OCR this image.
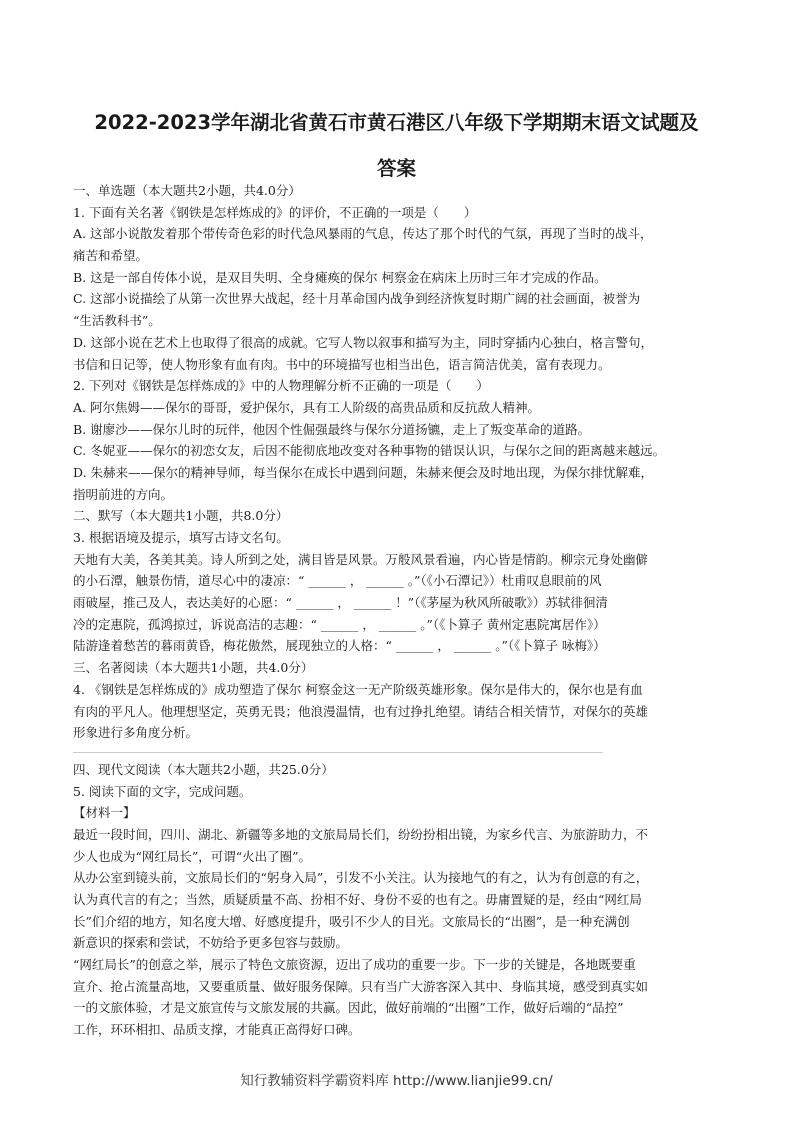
2022-2023学年湖北省黄石市黄石港区八年级下学期期末语文试题及
答案
一、单选题（本大题共2小题，共4.0分）
1. 下面有关名著《钢铁是怎样炼成的》的评价，不正确的一项是（　　）
A. 这部小说散发着那个带传奇色彩的时代急风暴雨的气息，传达了那个时代的气氛，再现了当时的战斗，
痛苦和希望。
B. 这是一部自传体小说，是双目失明、全身瘫痪的保尔 柯察金在病床上历时三年才完成的作品。
C. 这部小说描绘了从第一次世界大战起，经十月革命国内战争到经济恢复时期广阔的社会画面，被誉为
“生活教科书”。
D. 这部小说在艺术上也取得了很高的成就。它写人物以叙事和描写为主，同时穿插内心独白，格言警句，
书信和日记等，使人物形象有血有肉。书中的环境描写也相当出色，语言简洁优美，富有表现力。
2. 下列对《钢铁是怎样炼成的》中的人物理解分析不正确的一项是（　　）
A. 阿尔焦姆——保尔的哥哥，爱护保尔，具有工人阶级的高贵品质和反抗敌人精神。
B. 谢廖沙——保尔儿时的玩伴，他因个性倔强最终与保尔分道扬镳，走上了叛变革命的道路。
C. 冬妮亚——保尔的初恋女友，后因不能彻底地改变对各种事物的错误认识，与保尔之间的距离越来越远。
D. 朱赫来——保尔的精神导师，每当保尔在成长中遇到问题，朱赫来便会及时地出现，为保尔排忧解难，
指明前进的方向。
二、默写（本大题共1小题，共8.0分）
3. 根据语境及提示，填写古诗文名句。
天地有大美，各美其美。诗人所到之处，满目皆是风景。万般风景看遍，内心皆是情韵。柳宗元身处幽僻
的小石潭，触景伤情，道尽心中的凄凉：“ ______ ， ______ 。”（《小石潭记》）杜甫叹息眼前的风
雨破屋，推己及人，表达美好的心愿：“ ______ ， ______ ！”（《茅屋为秋风所破歌》）苏轼徘徊清
冷的定惠院，孤鸿掠过，诉说高洁的志趣：“ ______ ， ______ 。”（《卜算子 黄州定惠院寓居作》）
陆游逢着愁苦的暮雨黄昏，梅花傲然，展现独立的人格：“ ______ ， ______ 。”（《卜算子 咏梅》）
三、名著阅读（本大题共1小题，共4.0分）
4. 《钢铁是怎样炼成的》成功塑造了保尔 柯察金这一无产阶级英雄形象。保尔是伟大的，保尔也是有血
有肉的平凡人。他理想坚定，英勇无畏；他浪漫温情，也有过挣扎绝望。请结合相关情节，对保尔的英雄
形象进行多角度分析。
四、现代文阅读（本大题共2小题，共25.0分）
5. 阅读下面的文字，完成问题。
【材料一】
最近一段时间，四川、湖北、新疆等多地的文旅局局长们，纷纷扮相出镜，为家乡代言、为旅游助力，不
少人也成为“网红局长”，可谓“火出了圈”。
从办公室到镜头前，文旅局长们的“躬身入局”，引发不小关注。认为接地气的有之，认为有创意的有之，
认为真代言的有之；当然，质疑质量不高、扮相不好、身份不妥的也有之。毋庸置疑的是，经由“网红局
长”们介绍的地方，知名度大增、好感度提升，吸引不少人的目光。文旅局长的“出圈”，是一种充满创
新意识的探索和尝试，不妨给予更多包容与鼓励。
“网红局长”的创意之举，展示了特色文旅资源，迈出了成功的重要一步。下一步的关键是，各地既要重
宣介、抢占流量高地，又要重质量、做好服务保障。只有当广大游客深入其中、身临其境，感受到真实如
一的文旅体验，才是文旅宣传与文旅发展的共赢。因此，做好前端的“出圈”工作，做好后端的“品控”
工作，环环相扣、品质支撑，才能真正高得好口碑。
知行教辅资料学霸资料库 http://www.lianjie99.cn/
